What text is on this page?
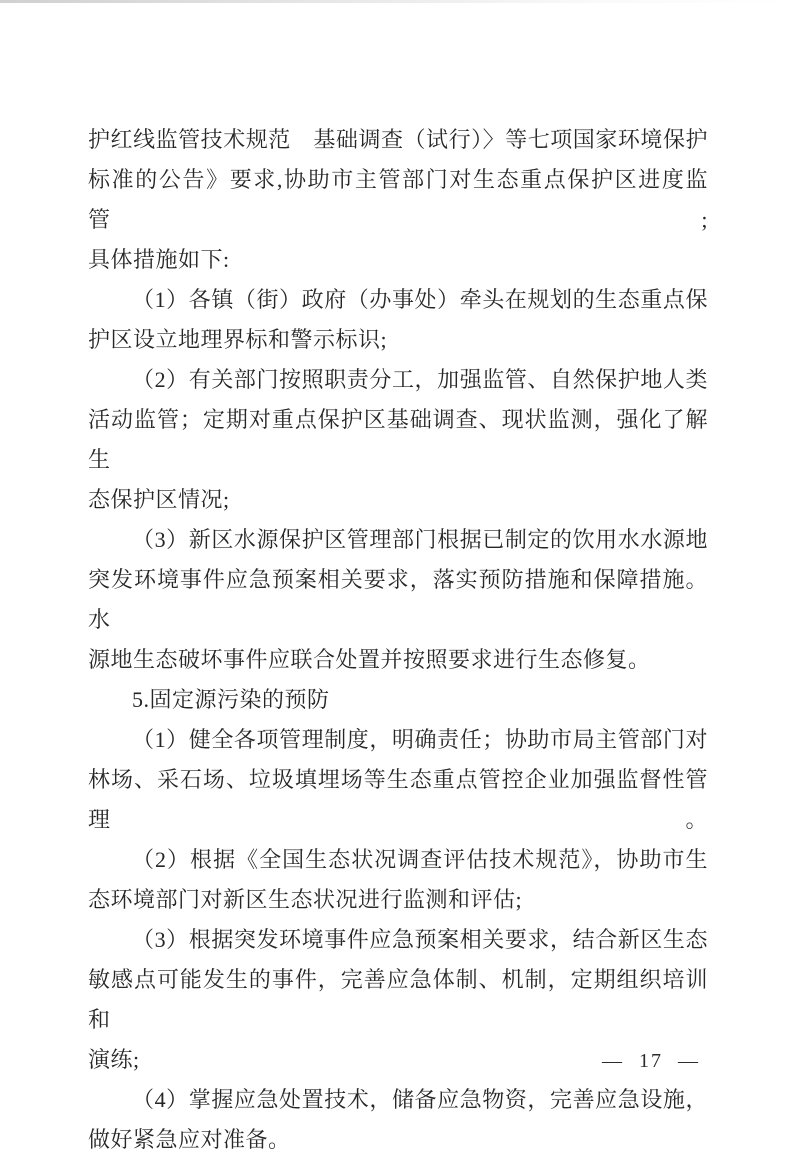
护红线监管技术规范　基础调查（试行）〉等七项国家环境保护
标准的公告》要求,协助市主管部门对生态重点保护区进度监管;
具体措施如下:
（1）各镇（街）政府（办事处）牵头在规划的生态重点保
护区设立地理界标和警示标识;
（2）有关部门按照职责分工，加强监管、自然保护地人类
活动监管；定期对重点保护区基础调查、现状监测，强化了解生
态保护区情况;
（3）新区水源保护区管理部门根据已制定的饮用水水源地
突发环境事件应急预案相关要求，落实预防措施和保障措施。水
源地生态破坏事件应联合处置并按照要求进行生态修复。
5.固定源污染的预防
（1）健全各项管理制度，明确责任；协助市局主管部门对
林场、采石场、垃圾填埋场等生态重点管控企业加强监督性管理。
（2）根据《全国生态状况调查评估技术规范》，协助市生
态环境部门对新区生态状况进行监测和评估;
（3）根据突发环境事件应急预案相关要求，结合新区生态
敏感点可能发生的事件，完善应急体制、机制，定期组织培训和
演练;
（4）掌握应急处置技术，储备应急物资，完善应急设施，
做好紧急应对准备。
— 17 —
